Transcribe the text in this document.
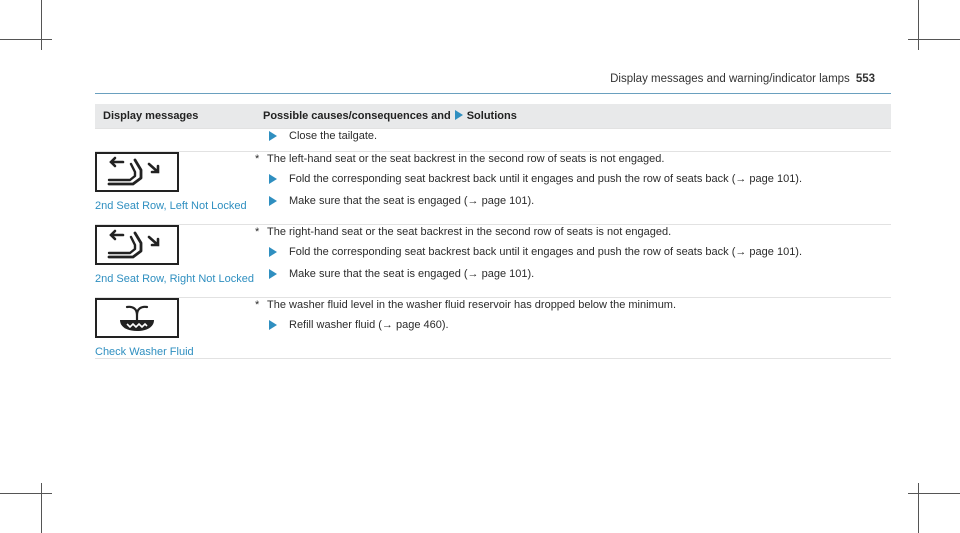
Display messages and warning/indicator lamps 553
Display messages	Possible causes/consequences and Solutions

Close the tailgate.

2nd Seat Row, Left Not Locked	* The left-hand seat or the seat backrest in the second row of seats is not engaged.

Fold the corresponding seat backrest back until it engages and push the row of seats back (→ page 101).
Make sure that the seat is engaged (→ page 101).

2nd Seat Row, Right Not Locked	* The right-hand seat or the seat backrest in the second row of seats is not engaged.

Fold the corresponding seat backrest back until it engages and push the row of seats back (→ page 101).
Make sure that the seat is engaged (→ page 101).

Check Washer Fluid	* The washer fluid level in the washer fluid reservoir has dropped below the minimum.

Refill washer fluid (→ page 460).
